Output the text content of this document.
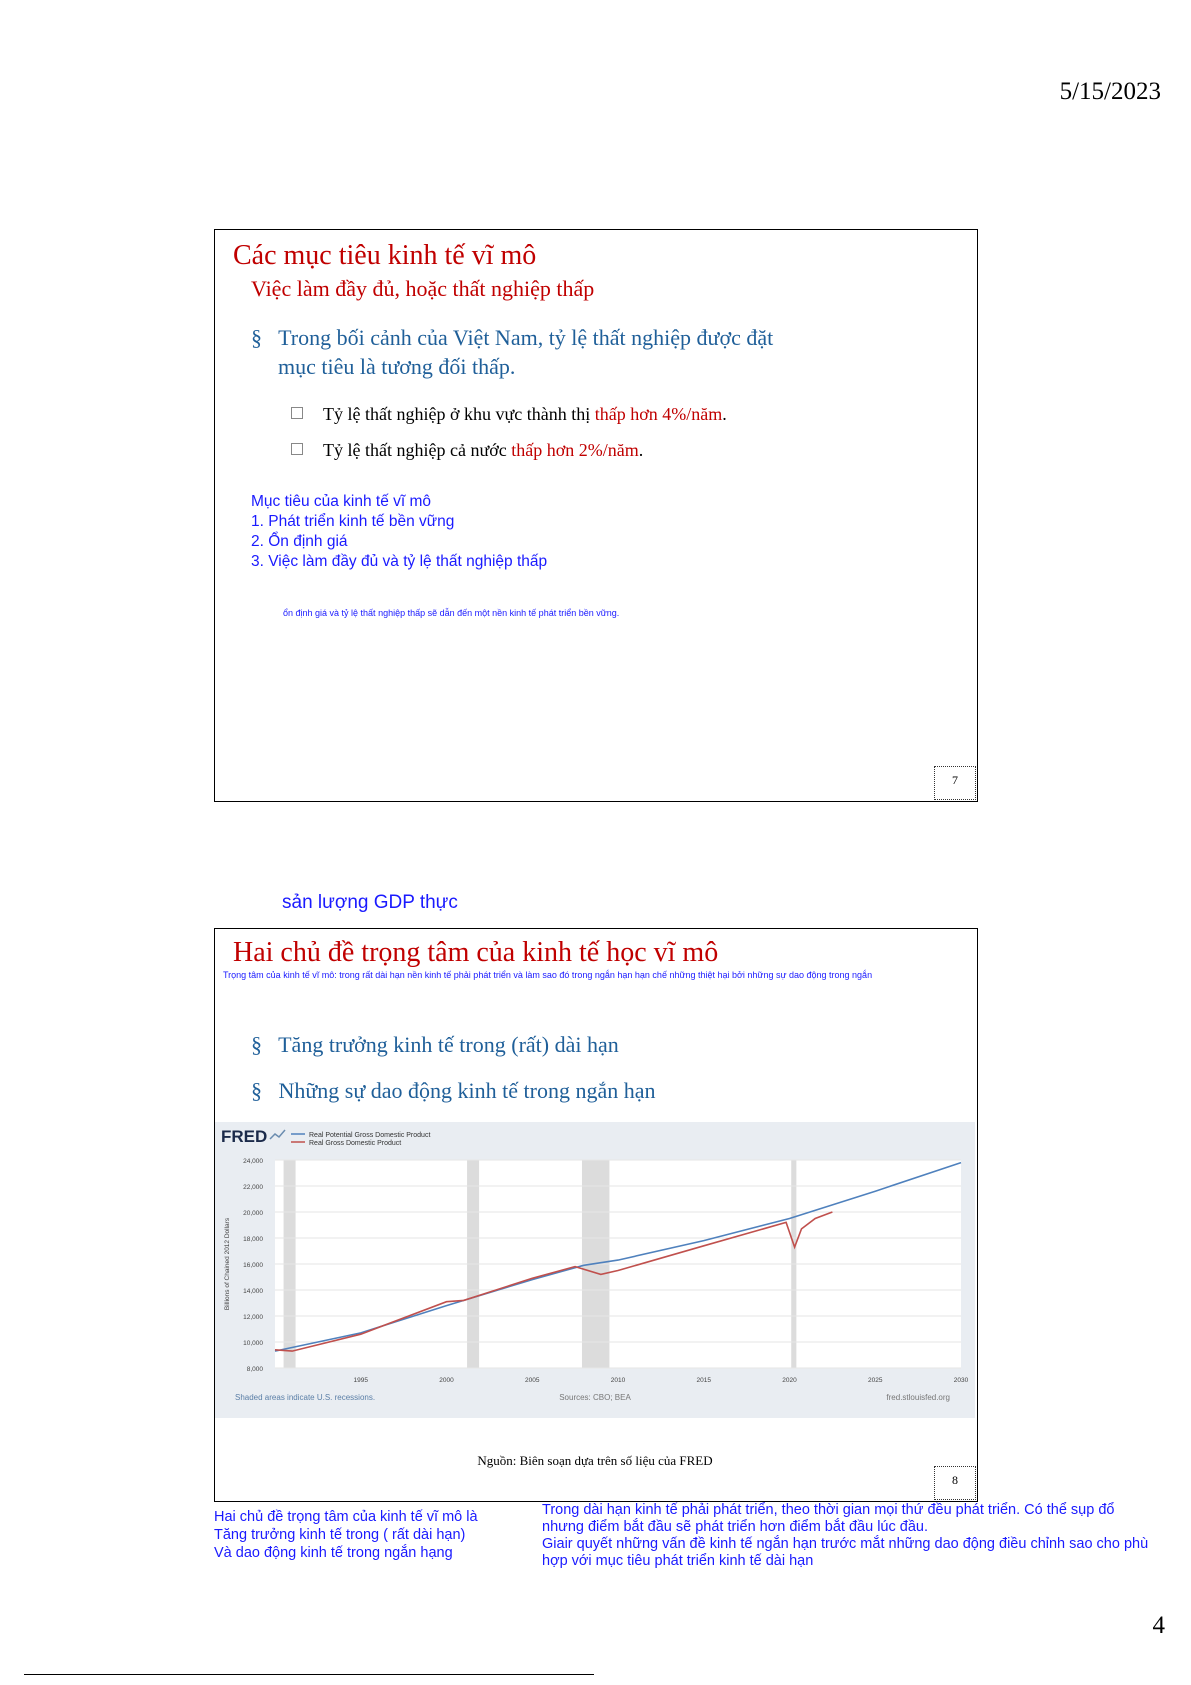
5/15/2023
Các mục tiêu kinh tế vĩ mô
Việc làm đầy đủ, hoặc thất nghiệp thấp
§ Trong bối cảnh của Việt Nam, tỷ lệ thất nghiệp được đặt
mục tiêu là tương đối thấp.
Tỷ lệ thất nghiệp ở khu vực thành thị thấp hơn 4%/năm.
Tỷ lệ thất nghiệp cả nước thấp hơn 2%/năm.
Mục tiêu của kinh tế vĩ mô
1. Phát triển kinh tế bền vững
2. Ổn định giá
3. Việc làm đầy đủ và tỷ lệ thất nghiệp thấp
ổn định giá và tỷ lệ thất nghiệp thấp sẽ dẫn đến một nền kinh tế phát triển bền vững.
7
sản lượng GDP thực
Hai chủ đề trọng tâm của kinh tế học vĩ mô
Trọng tâm của kinh tế vĩ mô: trong rất dài hạn nền kinh tế phải phát triển và làm sao đó trong ngắn hạn hạn chế những thiệt hại bởi những sự dao động trong ngắn
§ Tăng trưởng kinh tế trong (rất) dài hạn
§ Những sự dao động kinh tế trong ngắn hạn
8,000
10,000
12,000
14,000
16,000
18,000
20,000
22,000
24,000
1995	2000	2005	2010	2015	2020	2025	2030
Billions of Chained 2012 Dollars
FRED	Real Potential Gross Domestic Product
Real Gross Domestic Product
Shaded areas indicate U.S. recessions.	Sources: CBO; BEA	fred.stlouisfed.org
Nguồn: Biên soạn dựa trên số liệu của FRED
8
Hai chủ đề trọng tâm của kinh tế vĩ mô là
Tăng trưởng kinh tế trong ( rất dài hạn)
Và dao động kinh tế trong ngắn hạng
Trong dài hạn kinh tế phải phát triển, theo thời gian mọi thứ đều phát triển. Có thể sụp đổ
nhưng điểm bắt đầu sẽ phát triển hơn điểm bắt đầu lúc đầu.
Giair quyết những vấn đề kinh tế ngắn hạn trước mắt những dao động điều chỉnh sao cho phù
hợp với mục tiêu phát triển kinh tế dài hạn
4
